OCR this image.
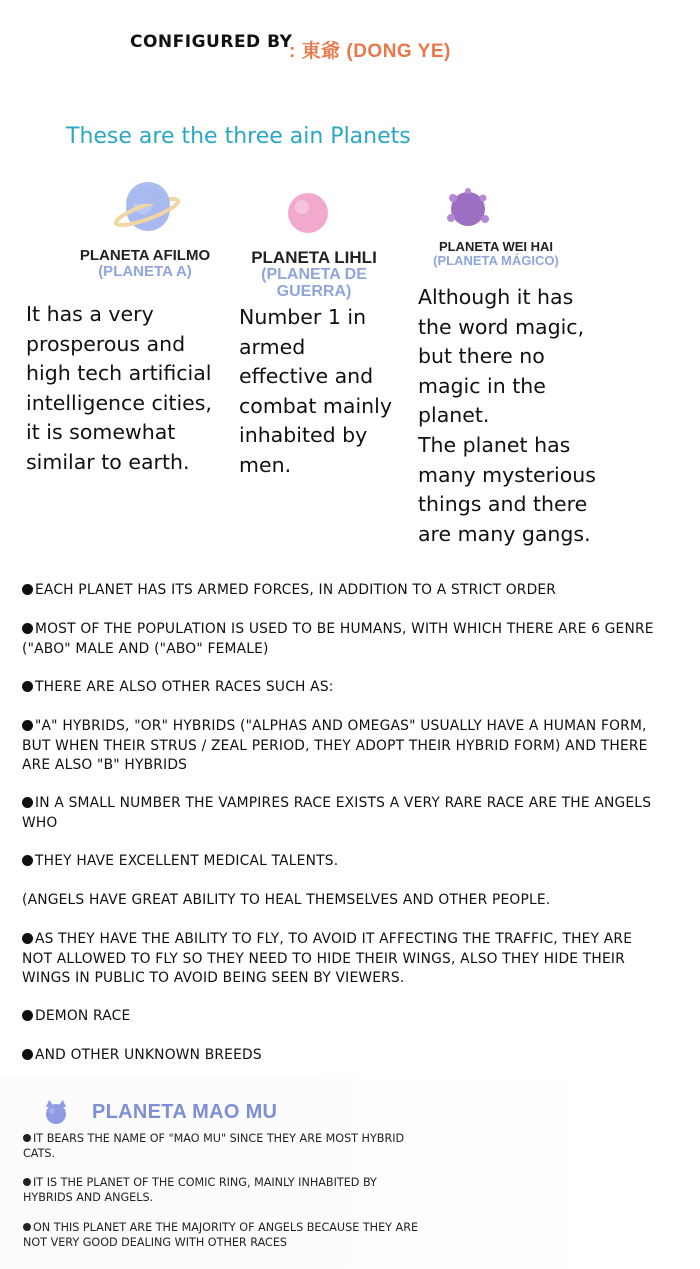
CONFIGURED BY
: 東爺 (DONG YE)
These are the three ain Planets
PLANETA AFILMO
(PLANETA A)
PLANETA LIHLI
(PLANETA DE
GUERRA)
PLANETA WEI HAI
(PLANETA MÁGICO)
It has a very
prosperous and
high tech artificial
intelligence cities,
it is somewhat
similar to earth.
Number 1 in
armed
effective and
combat mainly
inhabited by
men.
Although it has
the word magic,
but there no
magic in the
planet.
The planet has
many mysterious
things and there
are many gangs.
EACH PLANET HAS ITS ARMED FORCES, IN ADDITION TO A STRICT ORDER
MOST OF THE POPULATION IS USED TO BE HUMANS, WITH WHICH THERE ARE 6 GENRE ("ABO" MALE AND ("ABO" FEMALE)
THERE ARE ALSO OTHER RACES SUCH AS:
"A" HYBRIDS, "OR" HYBRIDS ("ALPHAS AND OMEGAS" USUALLY HAVE A HUMAN FORM, BUT WHEN THEIR STRUS / ZEAL PERIOD, THEY ADOPT THEIR HYBRID FORM) AND THERE ARE ALSO "B" HYBRIDS
IN A SMALL NUMBER THE VAMPIRES RACE EXISTS A VERY RARE RACE ARE THE ANGELS WHO
THEY HAVE EXCELLENT MEDICAL TALENTS.
(ANGELS HAVE GREAT ABILITY TO HEAL THEMSELVES AND OTHER PEOPLE.
AS THEY HAVE THE ABILITY TO FLY, TO AVOID IT AFFECTING THE TRAFFIC, THEY ARE NOT ALLOWED TO FLY SO THEY NEED TO HIDE THEIR WINGS, ALSO THEY HIDE THEIR WINGS IN PUBLIC TO AVOID BEING SEEN BY VIEWERS.
DEMON RACE
AND OTHER UNKNOWN BREEDS
PLANETA MAO MU
IT BEARS THE NAME OF "MAO MU" SINCE THEY ARE MOST HYBRID CATS.
IT IS THE PLANET OF THE COMIC RING, MAINLY INHABITED BY HYBRIDS AND ANGELS.
ON THIS PLANET ARE THE MAJORITY OF ANGELS BECAUSE THEY ARE NOT VERY GOOD DEALING WITH OTHER RACES
